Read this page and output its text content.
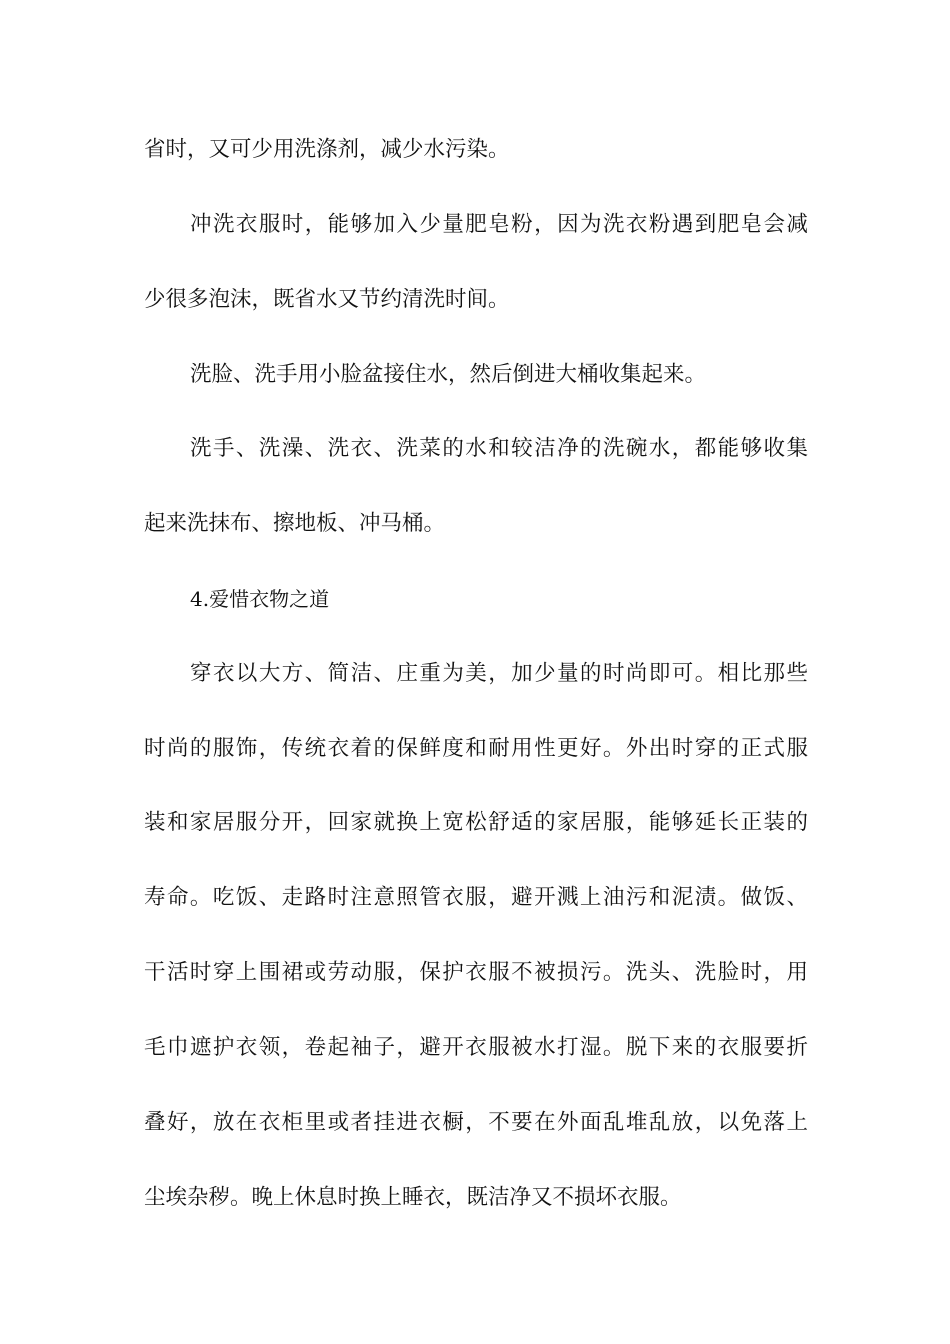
省时，又可少用洗涤剂，减少水污染。
冲洗衣服时，能够加入少量肥皂粉，因为洗衣粉遇到肥皂会减
少很多泡沫，既省水又节约清洗时间。
洗脸、洗手用小脸盆接住水，然后倒进大桶收集起来。
洗手、洗澡、洗衣、洗菜的水和较洁净的洗碗水，都能够收集
起来洗抹布、擦地板、冲马桶。
4.爱惜衣物之道
穿衣以大方、简洁、庄重为美，加少量的时尚即可。相比那些
时尚的服饰，传统衣着的保鲜度和耐用性更好。外出时穿的正式服
装和家居服分开，回家就换上宽松舒适的家居服，能够延长正装的
寿命。吃饭、走路时注意照管衣服，避开溅上油污和泥渍。做饭、
干活时穿上围裙或劳动服，保护衣服不被损污。洗头、洗脸时，用
毛巾遮护衣领，卷起袖子，避开衣服被水打湿。脱下来的衣服要折
叠好，放在衣柜里或者挂进衣橱，不要在外面乱堆乱放，以免落上
尘埃杂秽。晚上休息时换上睡衣，既洁净又不损坏衣服。
